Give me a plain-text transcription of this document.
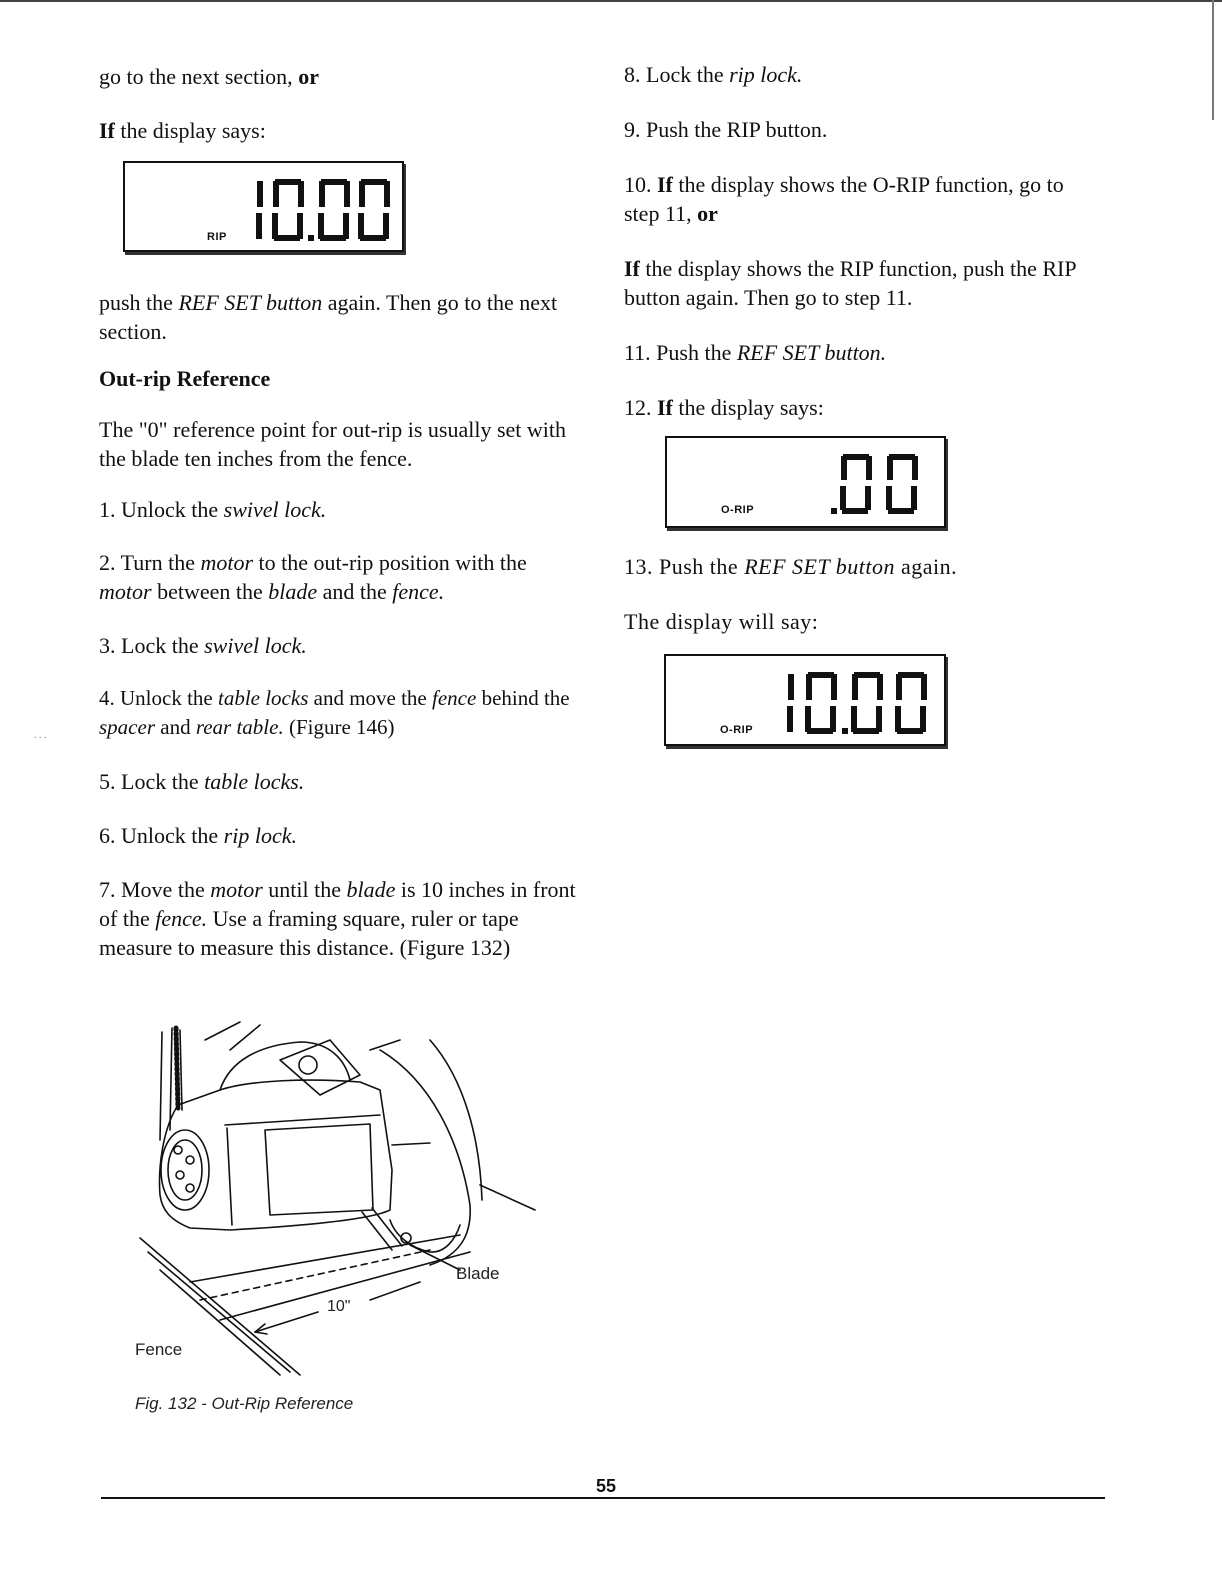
. . .

go to the next section, or

If the display says:

RIP

push the REF SET button again. Then go to the next section.

Out-rip Reference

The "0" reference point for out-rip is usually set with the blade ten inches from the fence.

1. Unlock the swivel lock.

2. Turn the motor to the out-rip position with the motor between the blade and the fence.

3. Lock the swivel lock.

4. Unlock the table locks and move the fence behind the spacer and rear table. (Figure 146)

5. Lock the table locks.

6. Unlock the rip lock.

7. Move the motor until the blade is 10 inches in front of the fence. Use a framing square, ruler or tape measure to measure this distance. (Figure 132)

8. Lock the rip lock.

9. Push the RIP button.

10. If the display shows the O-RIP function, go to step 11, or

If the display shows the RIP function, push the RIP button again. Then go to step 11.

11. Push the REF SET button.

12. If the display says:

O-RIP

13. Push the REF SET button again.

The display will say:

O-RIP
Blade
10"
Fence
Fig. 132 - Out-Rip Reference
55
